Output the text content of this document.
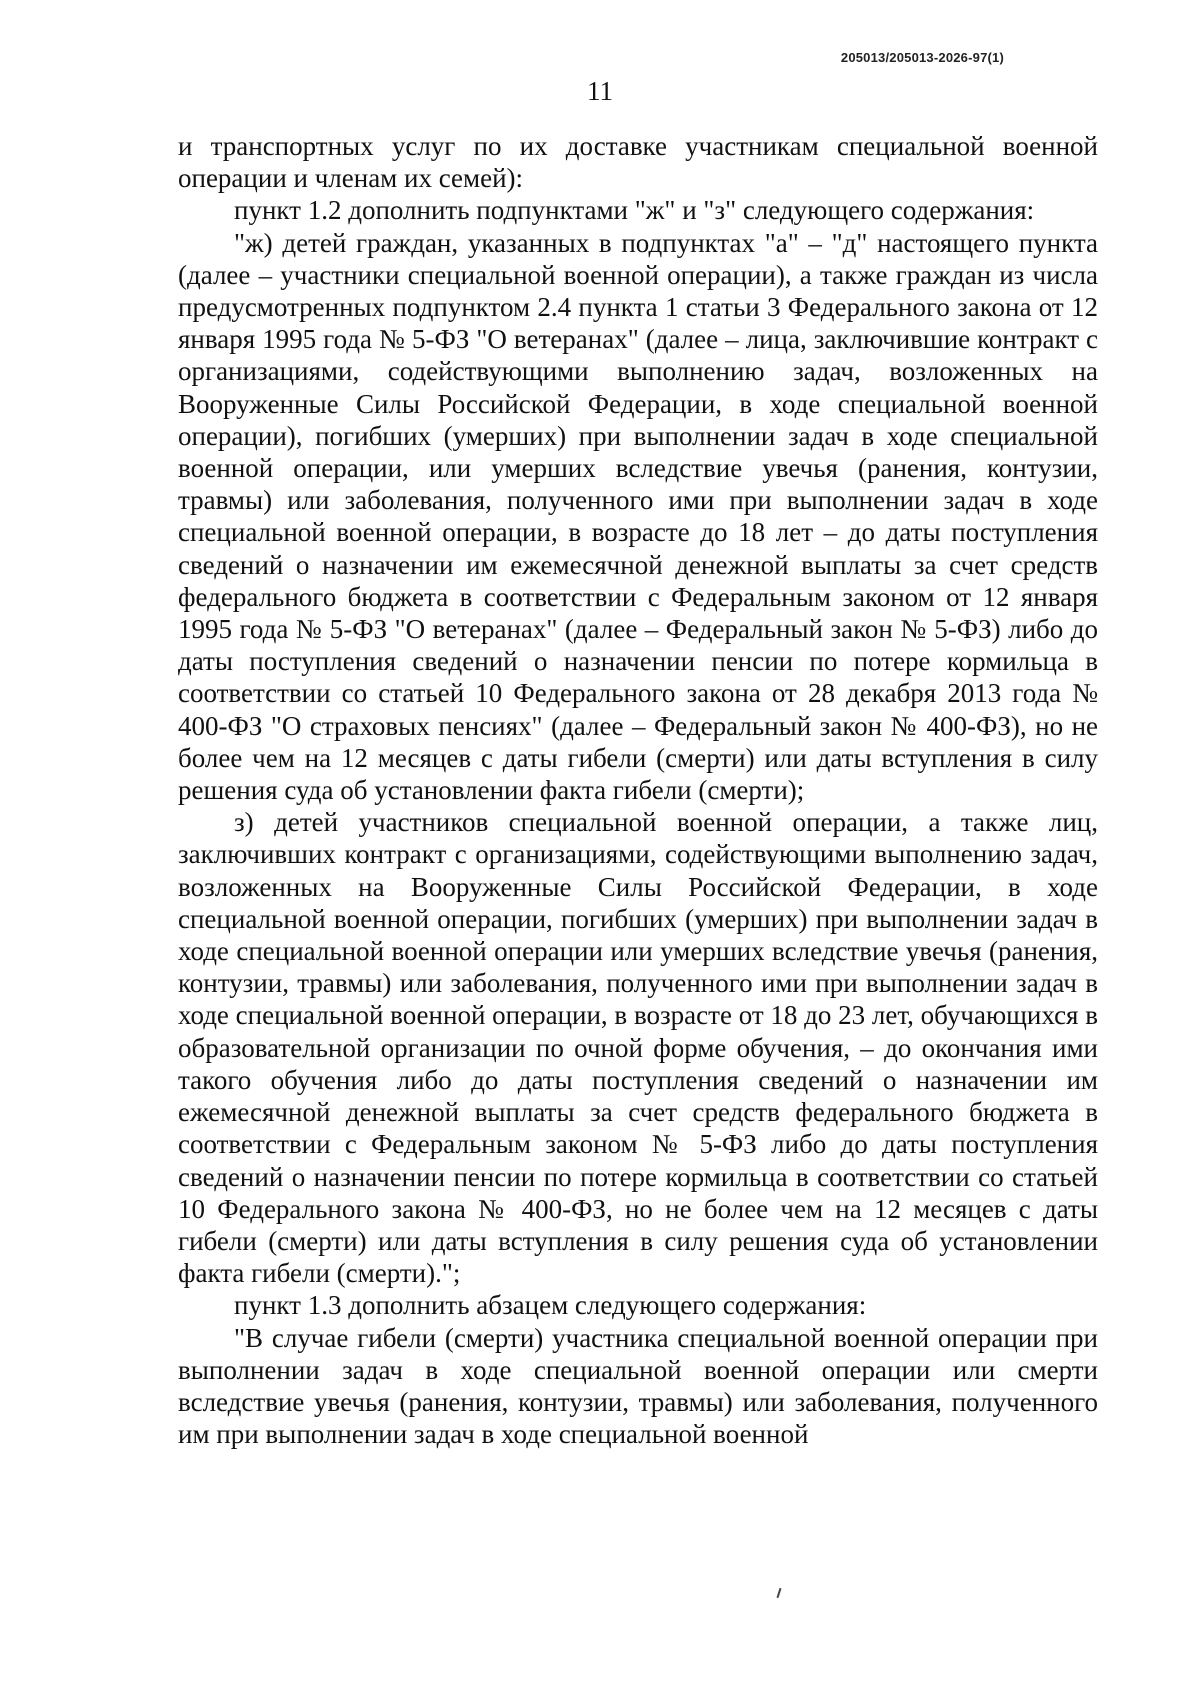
205013/205013-2026-97(1)
11

и транспортных услуг по их доставке участникам специальной военной операции и членам их семей):

пункт 1.2 дополнить подпунктами "ж" и "з" следующего содержания:

"ж) детей граждан, указанных в подпунктах "а" – "д" настоящего пункта (далее – участники специальной военной операции), а также граждан из числа предусмотренных подпунктом 2.4 пункта 1 статьи 3 Федерального закона от 12 января 1995 года № 5-ФЗ "О ветеранах" (далее – лица, заключившие контракт с организациями, содействующими выполнению задач, возложенных на Вооруженные Силы Российской Федерации, в ходе специальной военной операции), погибших (умерших) при выполнении задач в ходе специальной военной операции, или умерших вследствие увечья (ранения, контузии, травмы) или заболевания, полученного ими при выполнении задач в ходе специальной военной операции, в возрасте до 18 лет – до даты поступления сведений о назначении им ежемесячной денежной выплаты за счет средств федерального бюджета в соответствии с Федеральным законом от 12 января 1995 года № 5-ФЗ "О ветеранах" (далее – Федеральный закон № 5-ФЗ) либо до даты поступления сведений о назначении пенсии по потере кормильца в соответствии со статьей 10 Федерального закона от 28 декабря 2013 года № 400-ФЗ "О страховых пенсиях" (далее – Федеральный закон № 400-ФЗ), но не более чем на 12 месяцев с даты гибели (смерти) или даты вступления в силу решения суда об установлении факта гибели (смерти);

з) детей участников специальной военной операции, а также лиц, заключивших контракт с организациями, содействующими выполнению задач, возложенных на Вооруженные Силы Российской Федерации, в ходе специальной военной операции, погибших (умерших) при выполнении задач в ходе специальной военной операции или умерших вследствие увечья (ранения, контузии, травмы) или заболевания, полученного ими при выполнении задач в ходе специальной военной операции, в возрасте от 18 до 23 лет, обучающихся в образовательной организации по очной форме обучения, – до окончания ими такого обучения либо до даты поступления сведений о назначении им ежемесячной денежной выплаты за счет средств федерального бюджета в соответствии с Федеральным законом № 5-ФЗ либо до даты поступления сведений о назначении пенсии по потере кормильца в соответствии со статьей 10 Федерального закона № 400-ФЗ, но не более чем на 12 месяцев с даты гибели (смерти) или даты вступления в силу решения суда об установлении факта гибели (смерти).";

пункт 1.3 дополнить абзацем следующего содержания:

"В случае гибели (смерти) участника специальной военной операции при выполнении задач в ходе специальной военной операции или смерти вследствие увечья (ранения, контузии, травмы) или заболевания, полученного им при выполнении задач в ходе специальной военной
